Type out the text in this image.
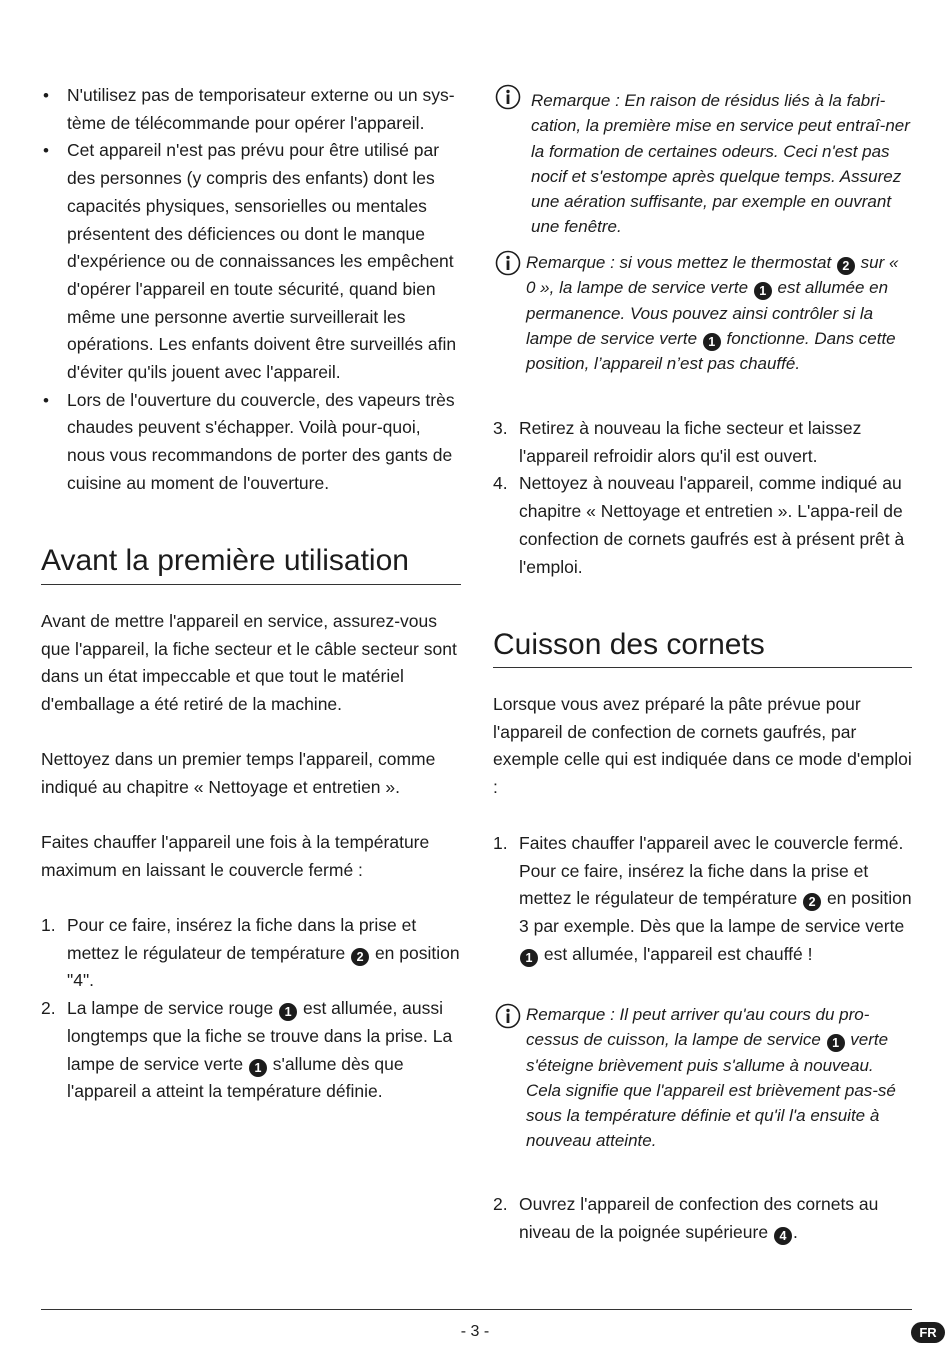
• N'utilisez pas de temporisateur externe ou un sys-tème de télécommande pour opérer l'appareil.
• Cet appareil n'est pas prévu pour être utilisé par des personnes (y compris des enfants) dont les capacités physiques, sensorielles ou mentales présentent des déficiences ou dont le manque d'expérience ou de connaissances les empêchent d'opérer l'appareil en toute sécurité, quand bien même une personne avertie surveillerait les opérations. Les enfants doivent être surveillés afin d'éviter qu'ils jouent avec l'appareil.
• Lors de l'ouverture du couvercle, des vapeurs très chaudes peuvent s'échapper. Voilà pour-quoi, nous vous recommandons de porter des gants de cuisine au moment de l'ouverture.
Avant la première utilisation

Avant de mettre l'appareil en service, assurez-vous que l'appareil, la fiche secteur et le câble secteur sont dans un état impeccable et que tout le matériel d'emballage a été retiré de la machine.

Nettoyez dans un premier temps l'appareil, comme indiqué au chapitre « Nettoyage et entretien ».

Faites chauffer l'appareil une fois à la température maximum en laissant le couvercle fermé :

1. Pour ce faire, insérez la fiche dans la prise et mettez le régulateur de température 2 en position "4".
2. La lampe de service rouge 1 est allumée, aussi longtemps que la fiche se trouve dans la prise. La lampe de service verte 1 s'allume dès que l'appareil a atteint la température définie.
Remarque : En raison de résidus liés à la fabri-cation, la première mise en service peut entraî-ner la formation de certaines odeurs. Ceci n'est pas nocif et s'estompe après quelque temps. Assurez une aération suffisante, par exemple en ouvrant une fenêtre.
Remarque : si vous mettez le thermostat 2 sur « 0 », la lampe de service verte 1 est allumée en permanence. Vous pouvez ainsi contrôler si la lampe de service verte 1 fonctionne. Dans cette position, l’appareil n’est pas chauffé.
3. Retirez à nouveau la fiche secteur et laissez l'appareil refroidir alors qu'il est ouvert.
4. Nettoyez à nouveau l'appareil, comme indiqué au chapitre « Nettoyage et entretien ». L'appa-reil de confection de cornets gaufrés est à présent prêt à l'emploi.
Cuisson des cornets

Lorsque vous avez préparé la pâte prévue pour l'appareil de confection de cornets gaufrés, par exemple celle qui est indiquée dans ce mode d'emploi :

1. Faites chauffer l'appareil avec le couvercle fermé. Pour ce faire, insérez la fiche dans la prise et mettez le régulateur de température 2 en position 3 par exemple. Dès que la lampe de service verte 1 est allumée, l'appareil est chauffé !
Remarque : Il peut arriver qu'au cours du pro-cessus de cuisson, la lampe de service 1 verte s'éteigne brièvement puis s'allume à nouveau. Cela signifie que l'appareil est brièvement pas-sé sous la température définie et qu'il l'a ensuite à nouveau atteinte.
2. Ouvrez l'appareil de confection des cornets au niveau de la poignée supérieure 4 .
- 3 -	FR
